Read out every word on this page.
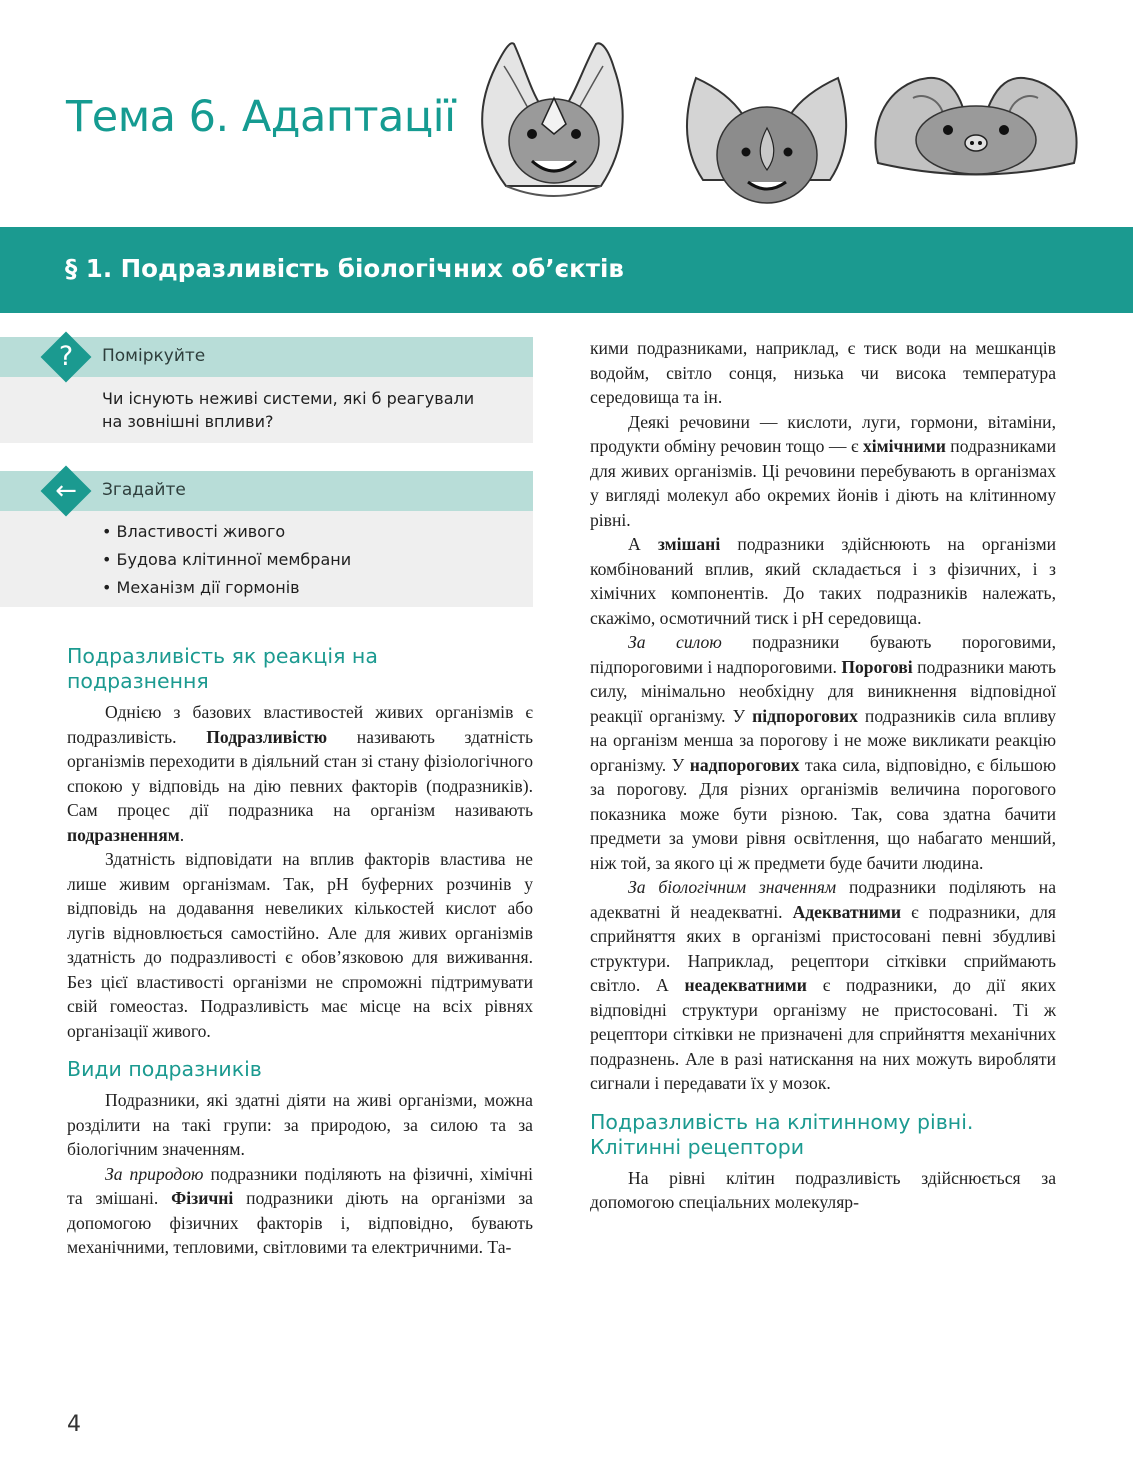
Тема 6. Адаптації
§ 1. Подразливість біологічних об’єктів
?	Поміркуйте
Чи існують неживі системи, які б реагували на зовнішні впливи?
←	Згадайте
• Властивості живого
• Будова клітинної мембрани
• Механізм дії гормонів
Подразливість як реакція на подразнення

Однією з базових властивостей живих організмів є подразливість. Подразливістю називають здатність організмів переходити в діяльний стан зі стану фізіологічного спокою у відповідь на дію певних факторів (подразників). Сам процес дії подразника на організм називають подразненням.

Здатність відповідати на вплив факторів властива не лише живим організмам. Так, pH буферних розчинів у відповідь на додавання невеликих кількостей кислот або лугів відновлюється самостійно. Але для живих організмів здатність до подразливості є обов’язковою для виживання. Без цієї властивості організми не спроможні підтримувати свій гомеостаз. Подразливість має місце на всіх рівнях організації живого.

Види подразників

Подразники, які здатні діяти на живі організми, можна розділити на такі групи: за природою, за силою та за біологічним значенням.

За природою подразники поділяють на фізичні, хімічні та змішані. Фізичні подразники діють на організми за допомогою фізичних факторів і, відповідно, бувають механічними, тепловими, світловими та електричними. Та-

кими подразниками, наприклад, є тиск води на мешканців водойм, світло сонця, низька чи висока температура середовища та ін.

Деякі речовини — кислоти, луги, гормони, вітаміни, продукти обміну речовин тощо — є хімічними подразниками для живих організмів. Ці речовини перебувають в організмах у вигляді молекул або окремих йонів і діють на клітинному рівні.

А змішані подразники здійснюють на організми комбінований вплив, який складається і з фізичних, і з хімічних компонентів. До таких подразників належать, скажімо, осмотичний тиск і pH середовища.

За силою подразники бувають пороговими, підпороговими і надпороговими. Порогові подразники мають силу, мінімально необхідну для виникнення відповідної реакції організму. У підпорогових подразників сила впливу на організм менша за порогову і не може викликати реакцію організму. У надпорогових така сила, відповідно, є більшою за порогову. Для різних організмів величина порогового показника може бути різною. Так, сова здатна бачити предмети за умови рівня освітлення, що набагато менший, ніж той, за якого ці ж предмети буде бачити людина.

За біологічним значенням подразники поділяють на адекватні й неадекватні. Адекватними є подразники, для сприйняття яких в організмі пристосовані певні збудливі структури. Наприклад, рецептори сітківки сприймають світло. А неадекватними є подразники, до дії яких відповідні структури організму не пристосовані. Ті ж рецептори сітківки не призначені для сприйняття механічних подразнень. Але в разі натискання на них можуть виробляти сигнали і передавати їх у мозок.

Подразливість на клітинному рівні. Клітинні рецептори

На рівні клітин подразливість здійснюється за допомогою спеціальних молекуляр-

4
